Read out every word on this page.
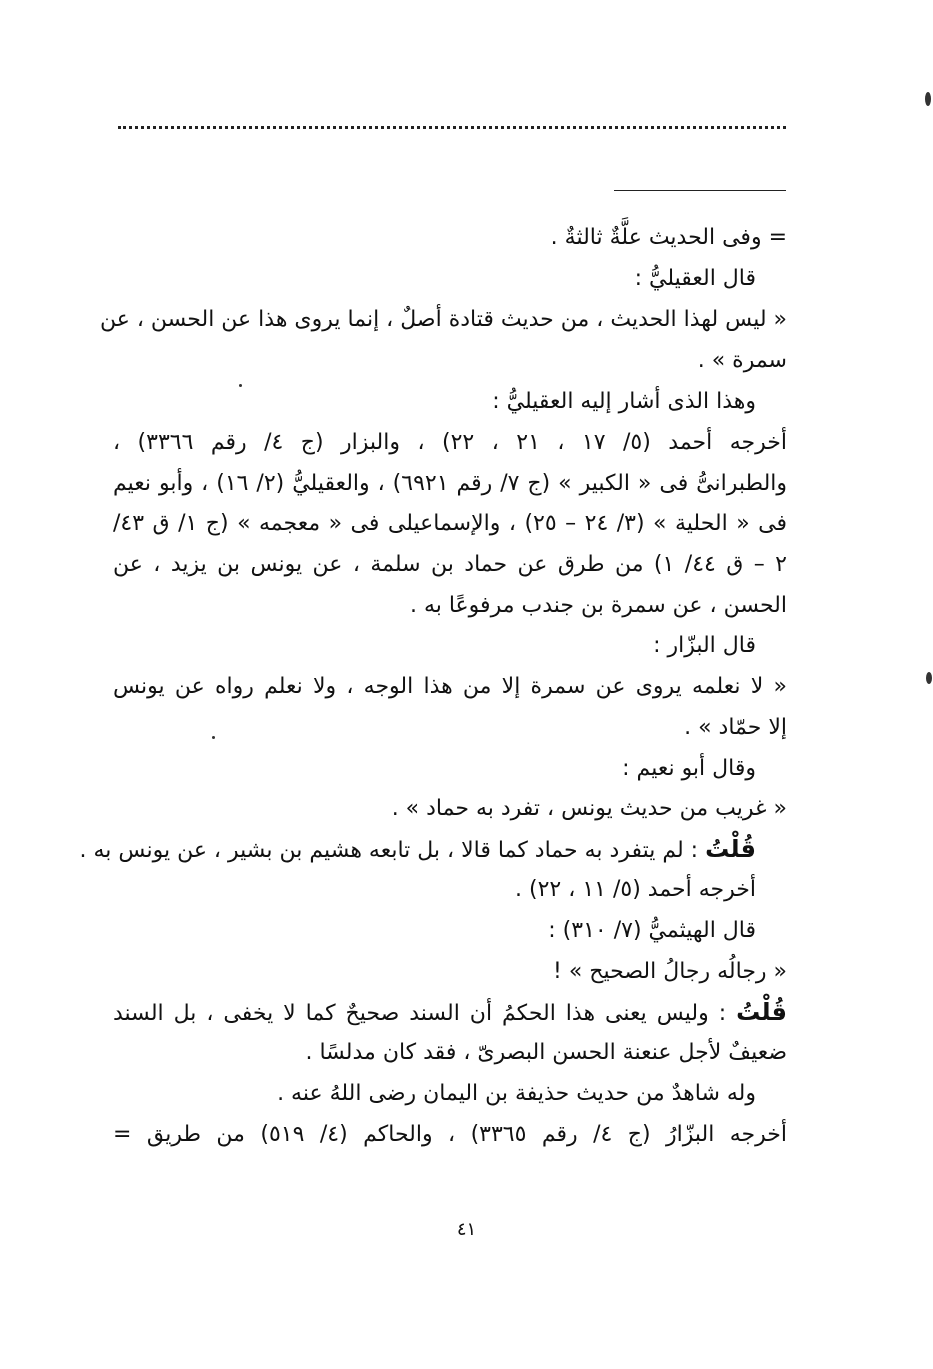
= وفى الحديث علَّةٌ ثالثةٌ .
قال العقيليُّ :
« ليس لهذا الحديث ، من حديث قتادة أصلٌ ، إنما يروى هذا عن الحسن ، عن
سمرة » .
وهذا الذى أشار إليه العقيليُّ :
أخرجه أحمد (٥/ ١٧ ، ٢١ ، ٢٢) ، والبزار (ج ٤/ رقم ٣٣٦٦) ،
والطبرانىُّ فى « الكبير » (ج ٧/ رقم ٦٩٢١) ، والعقيليُّ (٢/ ١٦) ، وأبو نعيم
فى « الحلية » (٣/ ٢٤ – ٢٥) ، والإسماعيلى فى « معجمه » (ج ١/ ق ٤٣/
٢ – ق ٤٤/ ١) من طرق عن حماد بن سلمة ، عن يونس بن يزيد ، عن
الحسن ، عن سمرة بن جندب مرفوعًا به .
قال البزّار :
« لا نعلمه يروى عن سمرة إلا من هذا الوجه ، ولا نعلم رواه عن يونس
إلا حمّاد » .
وقال أبو نعيم :
« غريب من حديث يونس ، تفرد به حماد » .
قُلْتُ : لم يتفرد به حماد كما قالا ، بل تابعه هشيم بن بشير ، عن يونس به .
أخرجه أحمد (٥/ ١١ ، ٢٢) .
قال الهيثميُّ (٧/ ٣١٠) :
« رجالُه رجالُ الصحيح » !
قُلْتُ : وليس يعنى هذا الحكمُ أن السند صحيحٌ كما لا يخفى ، بل السند
ضعيفٌ لأجل عنعنة الحسن البصرىّ ، فقد كان مدلسًا .
وله شاهدٌ من حديث حذيفة بن اليمان رضى اللهُ عنه .
أخرجه البزّارُ (ج ٤/ رقم ٣٣٦٥) ، والحاكم (٤/ ٥١٩) من طريق =
٤١
